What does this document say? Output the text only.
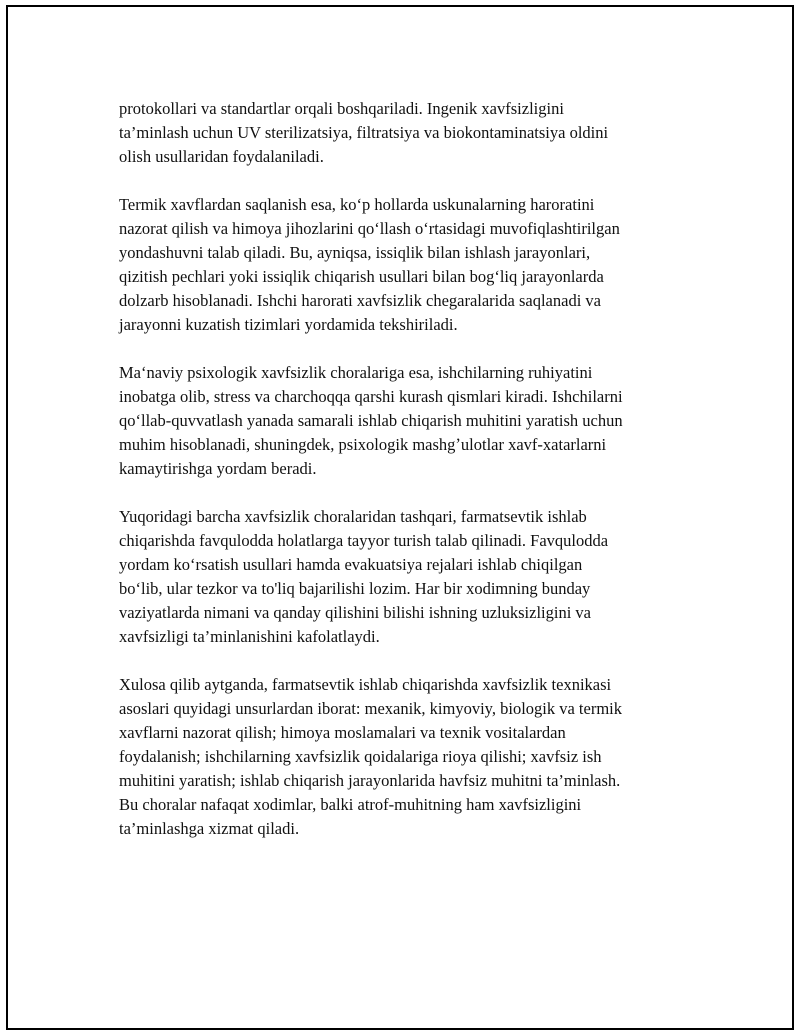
protokollari va standartlar orqali boshqariladi. Ingenik xavfsizligini
ta’minlash uchun UV sterilizatsiya, filtratsiya va biokontaminatsiya oldini
olish usullaridan foydalaniladi.

Termik xavflardan saqlanish esa, koʻp hollarda uskunalarning haroratini
nazorat qilish va himoya jihozlarini qoʻllash oʻrtasidagi muvofiqlashtirilgan
yondashuvni talab qiladi. Bu, ayniqsa, issiqlik bilan ishlash jarayonlari,
qizitish pechlari yoki issiqlik chiqarish usullari bilan bogʻliq jarayonlarda
dolzarb hisoblanadi. Ishchi harorati xavfsizlik chegaralarida saqlanadi va
jarayonni kuzatish tizimlari yordamida tekshiriladi.

Maʻnaviy psixologik xavfsizlik choralariga esa, ishchilarning ruhiyatini
inobatga olib, stress va charchoqqa qarshi kurash qismlari kiradi. Ishchilarni
qoʻllab-quvvatlash yanada samarali ishlab chiqarish muhitini yaratish uchun
muhim hisoblanadi, shuningdek, psixologik mashgʼulotlar xavf-xatarlarni
kamaytirishga yordam beradi.

Yuqoridagi barcha xavfsizlik choralaridan tashqari, farmatsevtik ishlab
chiqarishda favqulodda holatlarga tayyor turish talab qilinadi. Favqulodda
yordam koʻrsatish usullari hamda evakuatsiya rejalari ishlab chiqilgan
boʻlib, ular tezkor va to'liq bajarilishi lozim. Har bir xodimning bunday
vaziyatlarda nimani va qanday qilishini bilishi ishning uzluksizligini va
xavfsizligi ta’minlanishini kafolatlaydi.

Xulosa qilib aytganda, farmatsevtik ishlab chiqarishda xavfsizlik texnikasi
asoslari quyidagi unsurlardan iborat: mexanik, kimyoviy, biologik va termik
xavflarni nazorat qilish; himoya moslamalari va texnik vositalardan
foydalanish; ishchilarning xavfsizlik qoidalariga rioya qilishi; xavfsiz ish
muhitini yaratish; ishlab chiqarish jarayonlarida havfsiz muhitni ta’minlash.
Bu choralar nafaqat xodimlar, balki atrof-muhitning ham xavfsizligini
ta’minlashga xizmat qiladi.
